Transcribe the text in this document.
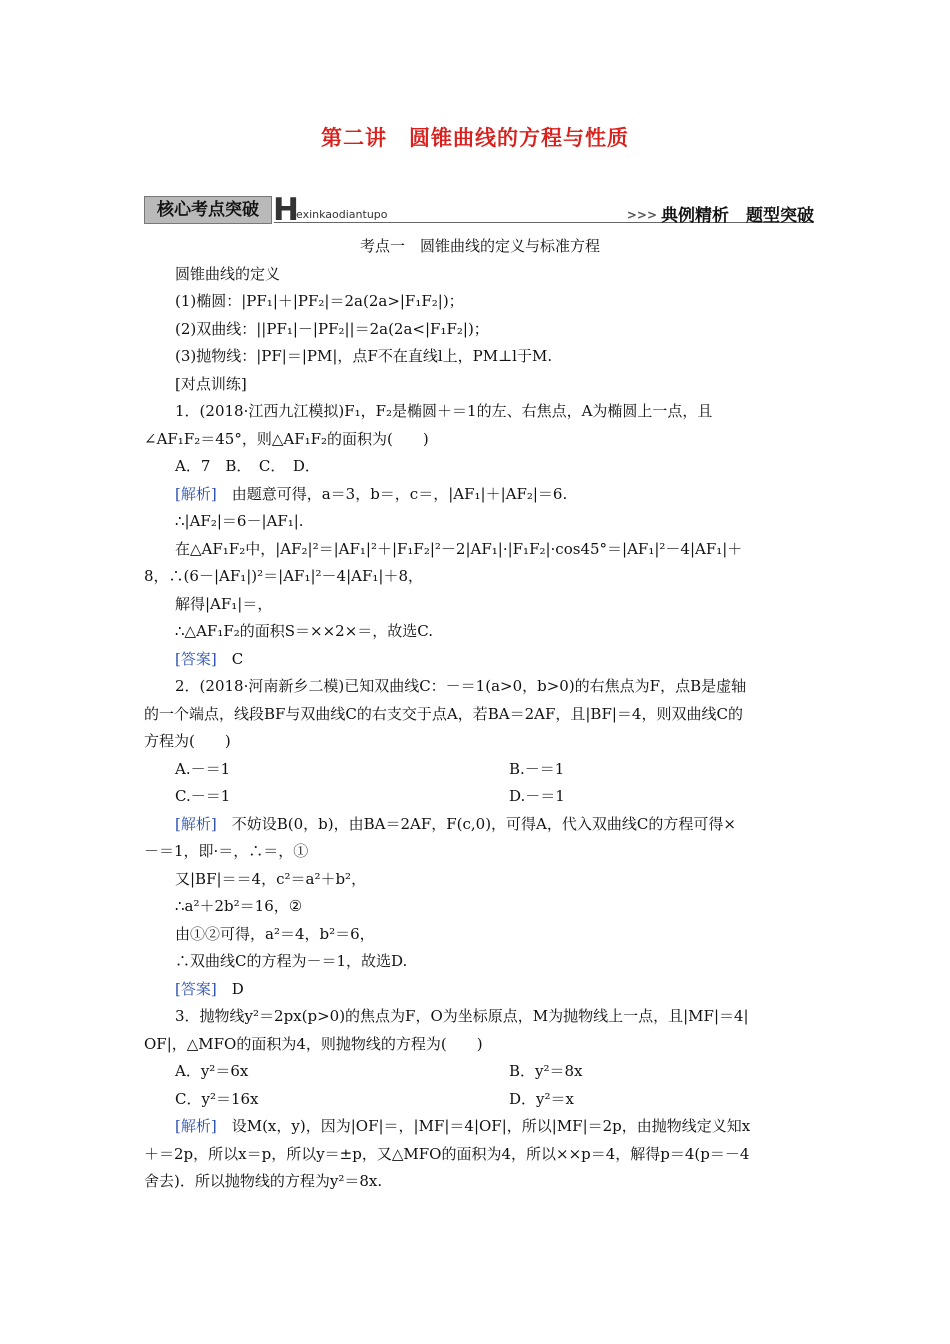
第二讲　圆锥曲线的方程与性质
核心考点突破 H
exinkaodiantupo	>>> 典例精析　题型突破

考点一　圆锥曲线的定义与标准方程

圆锥曲线的定义

(1)椭圆：|PF₁|＋|PF₂|＝2a(2a>|F₁F₂|)；

(2)双曲线：||PF₁|－|PF₂||＝2a(2a<|F₁F₂|)；

(3)抛物线：|PF|＝|PM|，点F不在直线l上，PM⊥l于M.

[对点训练]

1．(2018·江西九江模拟)F₁，F₂是椭圆＋＝1的左、右焦点，A为椭圆上一点，且

∠AF₁F₂＝45°，则△AF₁F₂的面积为(　　)

A．7　B．　C．　D．

[解析]　由题意可得，a＝3，b＝，c＝，|AF₁|＋|AF₂|＝6.

∴|AF₂|＝6－|AF₁|.

在△AF₁F₂中，|AF₂|²＝|AF₁|²＋|F₁F₂|²－2|AF₁|·|F₁F₂|·cos45°＝|AF₁|²－4|AF₁|＋

8，∴(6－|AF₁|)²＝|AF₁|²－4|AF₁|＋8，

解得|AF₁|＝，

∴△AF₁F₂的面积S＝××2×＝，故选C.

[答案]　C

2．(2018·河南新乡二模)已知双曲线C：－＝1(a>0，b>0)的右焦点为F，点B是虚轴

的一个端点，线段BF与双曲线C的右支交于点A，若BA＝2AF，且|BF|＝4，则双曲线C的

方程为(　　)

A.－＝1	B.－＝1
C.－＝1	D.－＝1

[解析]　不妨设B(0，b)，由BA＝2AF，F(c,0)，可得A，代入双曲线C的方程可得×

－＝1，即·＝，∴＝，①

又|BF|＝＝4，c²＝a²＋b²，

∴a²＋2b²＝16，②

由①②可得，a²＝4，b²＝6，

∴双曲线C的方程为－＝1，故选D.

[答案]　D

3．抛物线y²＝2px(p>0)的焦点为F，O为坐标原点，M为抛物线上一点，且|MF|＝4|

OF|，△MFO的面积为4，则抛物线的方程为(　　)

A．y²＝6x	B．y²＝8x
C．y²＝16x	D．y²＝x

[解析]　设M(x，y)，因为|OF|＝，|MF|＝4|OF|，所以|MF|＝2p，由抛物线定义知x

＋＝2p，所以x＝p，所以y＝±p，又△MFO的面积为4，所以××p＝4，解得p＝4(p＝－4

舍去)．所以抛物线的方程为y²＝8x.
